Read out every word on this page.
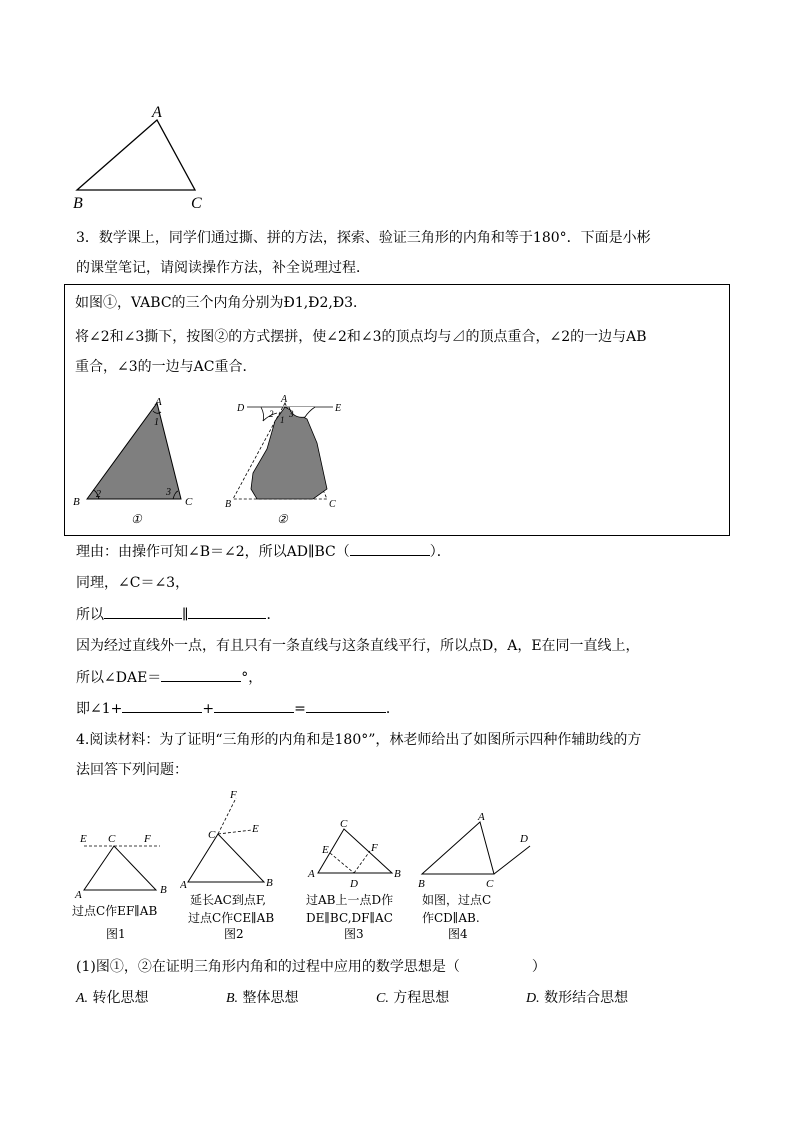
A
B	C
3．数学课上，同学们通过撕、拼的方法，探索、验证三角形的内角和等于180°．下面是小彬
的课堂笔记，请阅读操作方法，补全说理过程．
如图①，VABC的三个内角分别为Ð1,Ð2,Ð3．
将∠2和∠3撕下，按图②的方式摆拼，使∠2和∠3的顶点均与⊿的顶点重合，∠2的一边与AB
重合，∠3的一边与AC重合．
A
1
B
2	3
C
①
A
D	E
2
1
3
B	C
②
理由：由操作可知∠B＝∠2，所以AD∥BC（	）．
同理，∠C＝∠3，
所以	∥	．
因为经过直线外一点，有且只有一条直线与这条直线平行，所以点D，A，E在同一直线上，
所以∠DAE＝	°，
即∠1+	+	=	．
4.阅读材料：为了证明“三角形的内角和是180°”，林老师给出了如图所示四种作辅助线的方
法回答下列问题：
E C	F
A	B
过点C作EF∥AB
图1
F
C	E
A	B
延长AC到点F,
过点C作CE∥AB
图2
C
E	F
A
D
B
过AB上一点D作
DE∥BC,DF∥AC
图3
A
D
B	C
如图，过点C
作CD∥AB.
图4
(1)图①，②在证明三角形内角和的过程中应用的数学思想是（	）
A. 转化思想	B. 整体思想	C. 方程思想	D. 数形结合思想
